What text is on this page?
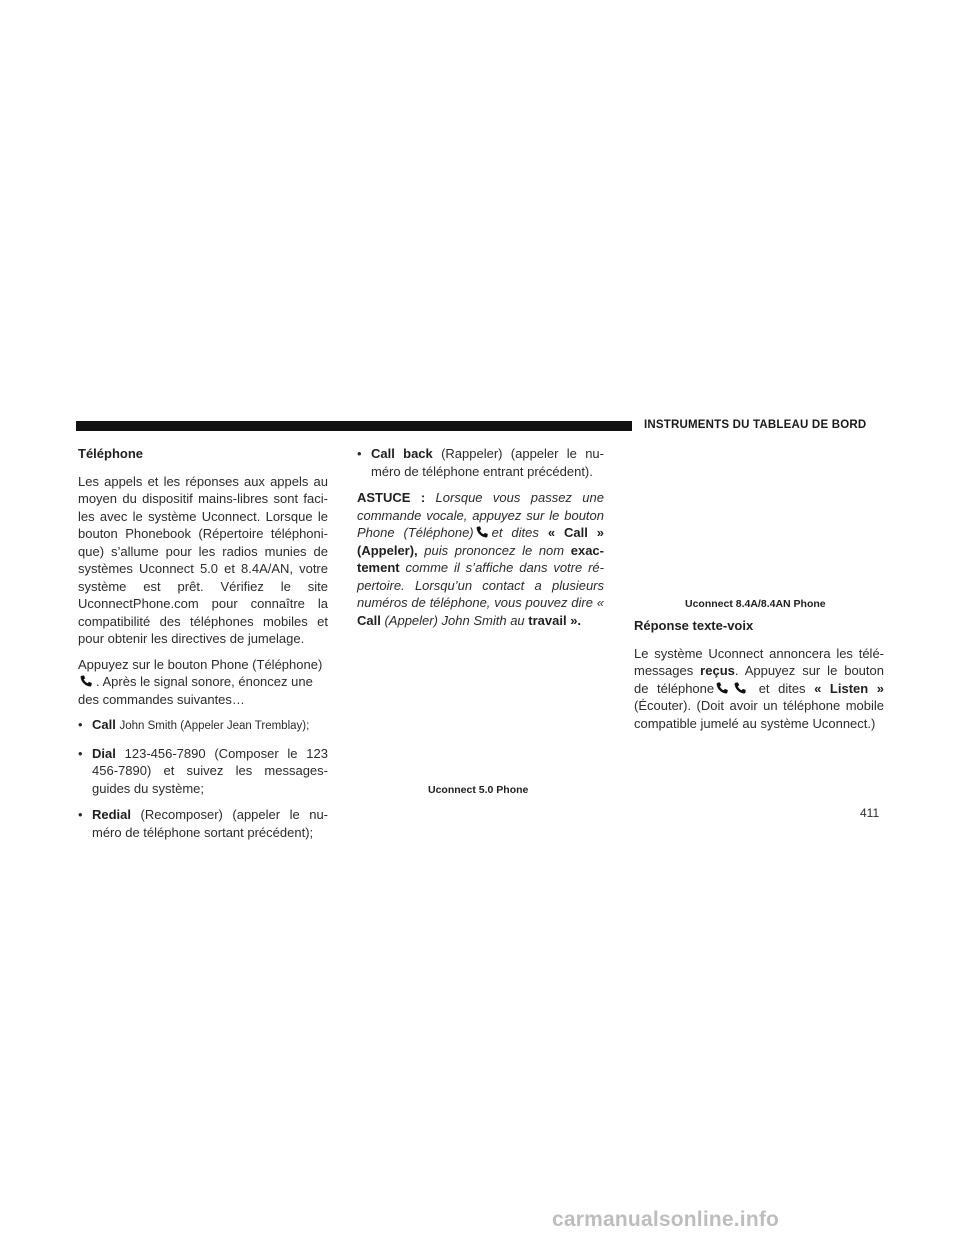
INSTRUMENTS DU TABLEAU DE BORD
Téléphone

Les appels et les réponses aux appels au moyen du dispositif mains-libres sont faci-les avec le système Uconnect. Lorsque le bouton Phonebook (Répertoire téléphoni-que) s’allume pour les radios munies de systèmes Uconnect 5.0 et 8.4A/AN, votre système est prêt. Vérifiez le site UconnectPhone.com pour connaître la compatibilité des téléphones mobiles et pour obtenir les directives de jumelage.

Appuyez sur le bouton Phone (Téléphone)

. Après le signal sonore, énoncez une des commandes suivantes…

• Call John Smith (Appeler Jean Tremblay);
• Dial 123-456-7890 (Composer le 123 456-7890) et suivez les messages-guides du système;
• Redial (Recomposer) (appeler le nu-méro de téléphone sortant précédent);
• Call back (Rappeler) (appeler le nu-méro de téléphone entrant précédent).

ASTUCE : Lorsque vous passez une commande vocale, appuyez sur le bouton Phone (Téléphone) et dites « Call » (Appeler), puis prononcez le nom exac-tement comme il s’affiche dans votre ré-pertoire. Lorsqu’un contact a plusieurs numéros de téléphone, vous pouvez dire « Call (Appeler) John Smith au travail ».

Uconnect 8.4A/8.4AN Phone
Uconnect 5.0 Phone
Réponse texte-voix

Le système Uconnect annoncera les télé-messages reçus. Appuyez sur le bouton de téléphone	et dites « Listen » (Écouter). (Doit avoir un téléphone mobile compatible jumelé au système Uconnect.)

411
carmanualsonline.info
